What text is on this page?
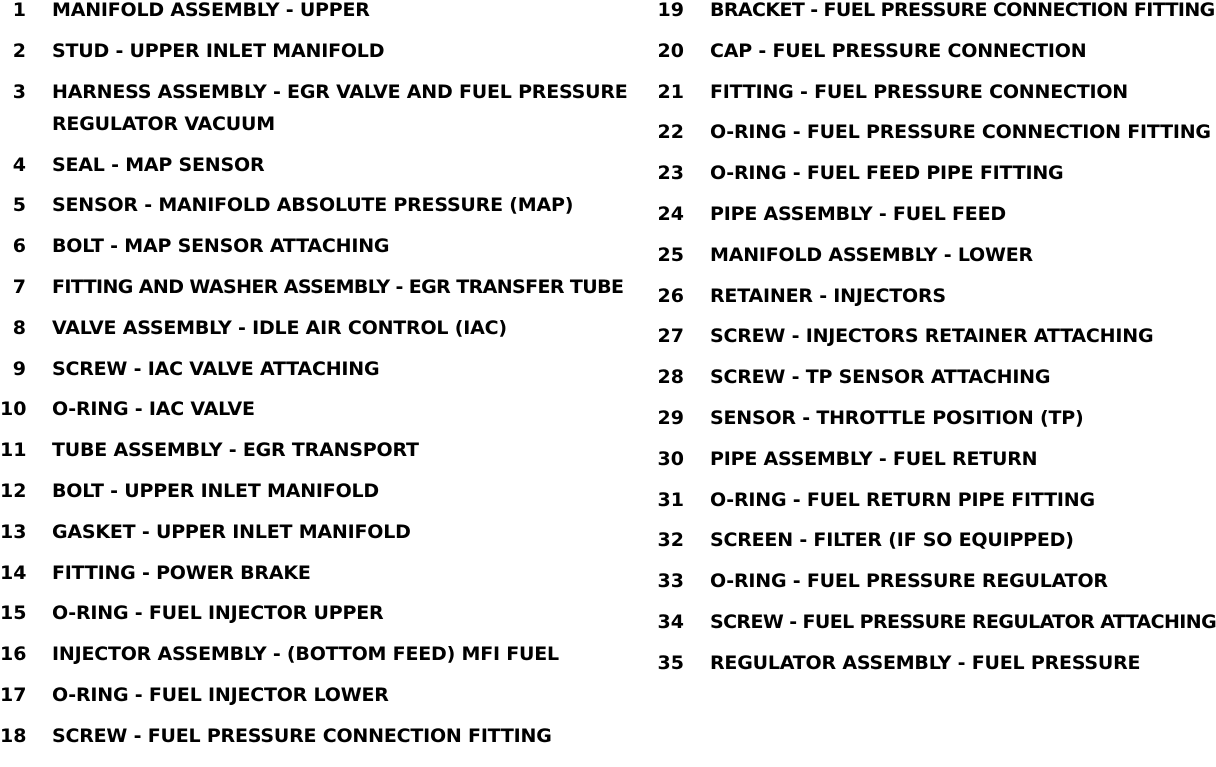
1 MANIFOLD ASSEMBLY - UPPER
2 STUD - UPPER INLET MANIFOLD
3 HARNESS ASSEMBLY - EGR VALVE AND FUEL PRESSURE REGULATOR VACUUM
4 SEAL - MAP SENSOR
5 SENSOR - MANIFOLD ABSOLUTE PRESSURE (MAP)
6 BOLT - MAP SENSOR ATTACHING
7 FITTING AND WASHER ASSEMBLY - EGR TRANSFER TUBE
8 VALVE ASSEMBLY - IDLE AIR CONTROL (IAC)
9 SCREW - IAC VALVE ATTACHING
10 O-RING - IAC VALVE
11 TUBE ASSEMBLY - EGR TRANSPORT
12 BOLT - UPPER INLET MANIFOLD
13 GASKET - UPPER INLET MANIFOLD
14 FITTING - POWER BRAKE
15 O-RING - FUEL INJECTOR UPPER
16 INJECTOR ASSEMBLY - (BOTTOM FEED) MFI FUEL
17 O-RING - FUEL INJECTOR LOWER
18 SCREW - FUEL PRESSURE CONNECTION FITTING
19 BRACKET - FUEL PRESSURE CONNECTION FITTING
20 CAP - FUEL PRESSURE CONNECTION
21 FITTING - FUEL PRESSURE CONNECTION
22 O-RING - FUEL PRESSURE CONNECTION FITTING
23 O-RING - FUEL FEED PIPE FITTING
24 PIPE ASSEMBLY - FUEL FEED
25 MANIFOLD ASSEMBLY - LOWER
26 RETAINER - INJECTORS
27 SCREW - INJECTORS RETAINER ATTACHING
28 SCREW - TP SENSOR ATTACHING
29 SENSOR - THROTTLE POSITION (TP)
30 PIPE ASSEMBLY - FUEL RETURN
31 O-RING - FUEL RETURN PIPE FITTING
32 SCREEN - FILTER (IF SO EQUIPPED)
33 O-RING - FUEL PRESSURE REGULATOR
34 SCREW - FUEL PRESSURE REGULATOR ATTACHING
35 REGULATOR ASSEMBLY - FUEL PRESSURE
